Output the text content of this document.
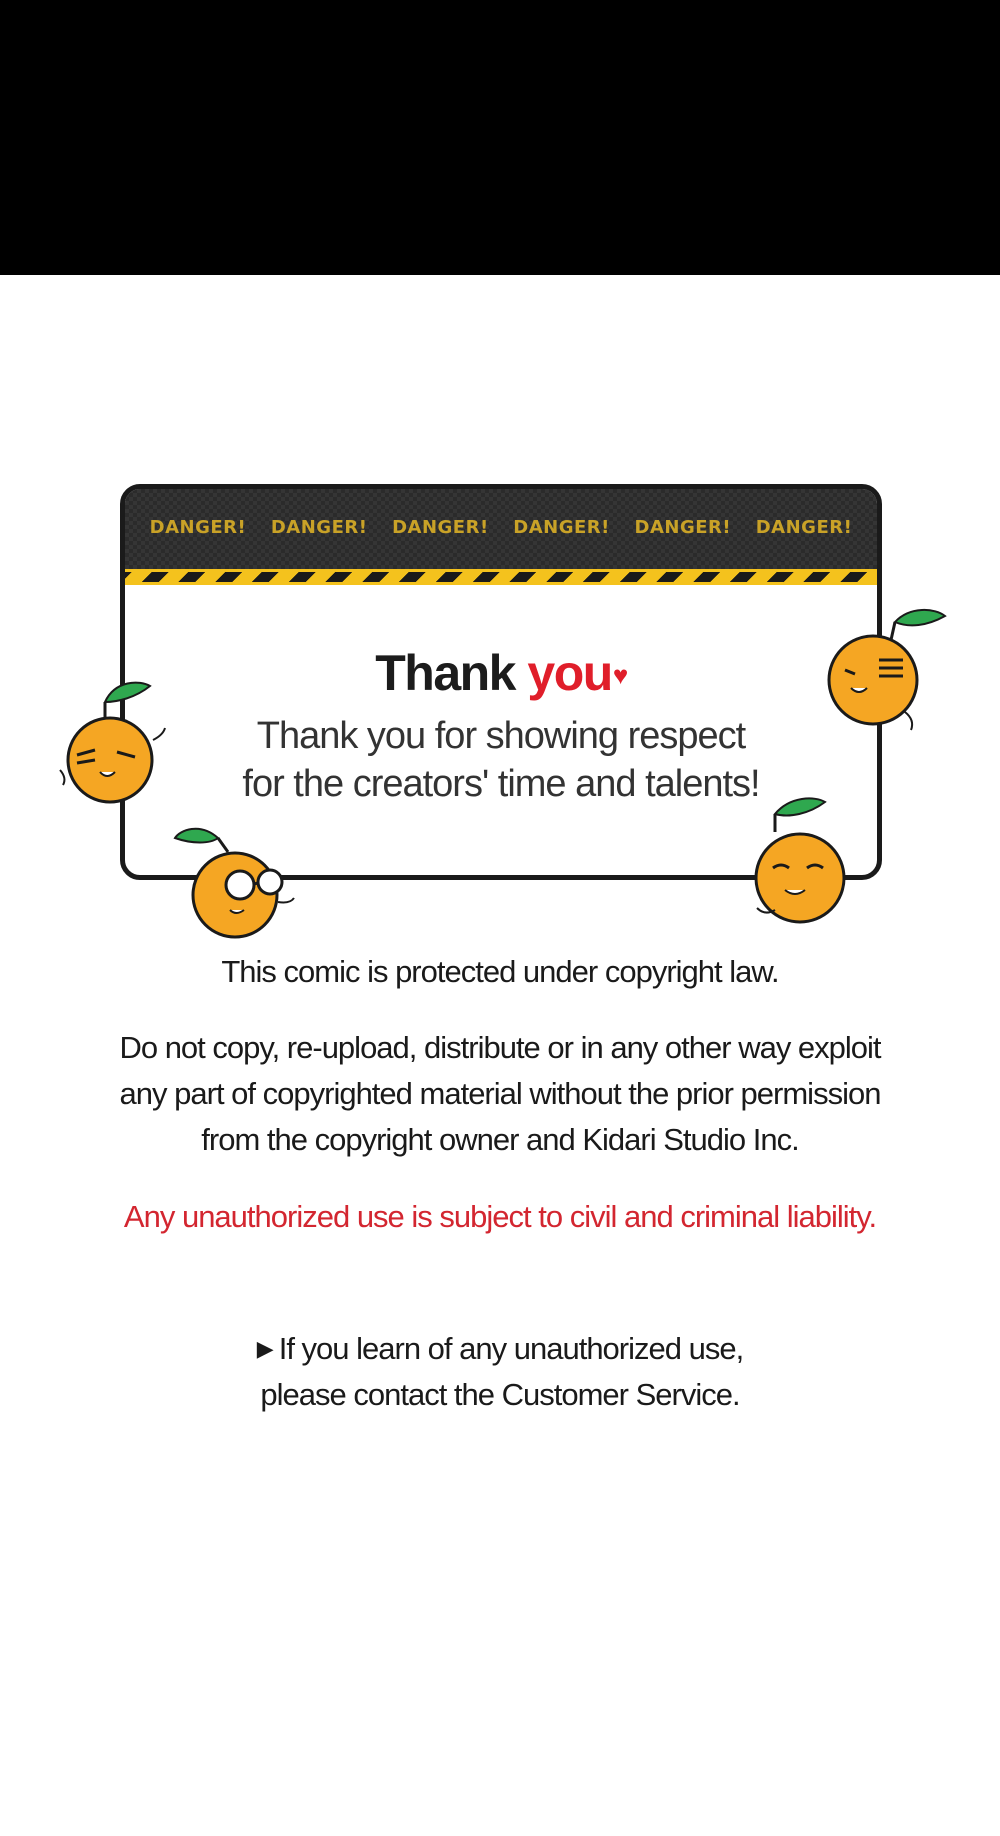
DANGER! DANGER! DANGER! DANGER! DANGER! DANGER!
Thank you♥
Thank you for showing respect
for the creators' time and talents!
This comic is protected under copyright law.
Do not copy, re-upload, distribute or in any other way exploit
any part of copyrighted material without the prior permission
from the copyright owner and Kidari Studio Inc.
Any unauthorized use is subject to civil and criminal liability.
▶ If you learn of any unauthorized use,
please contact the Customer Service.
